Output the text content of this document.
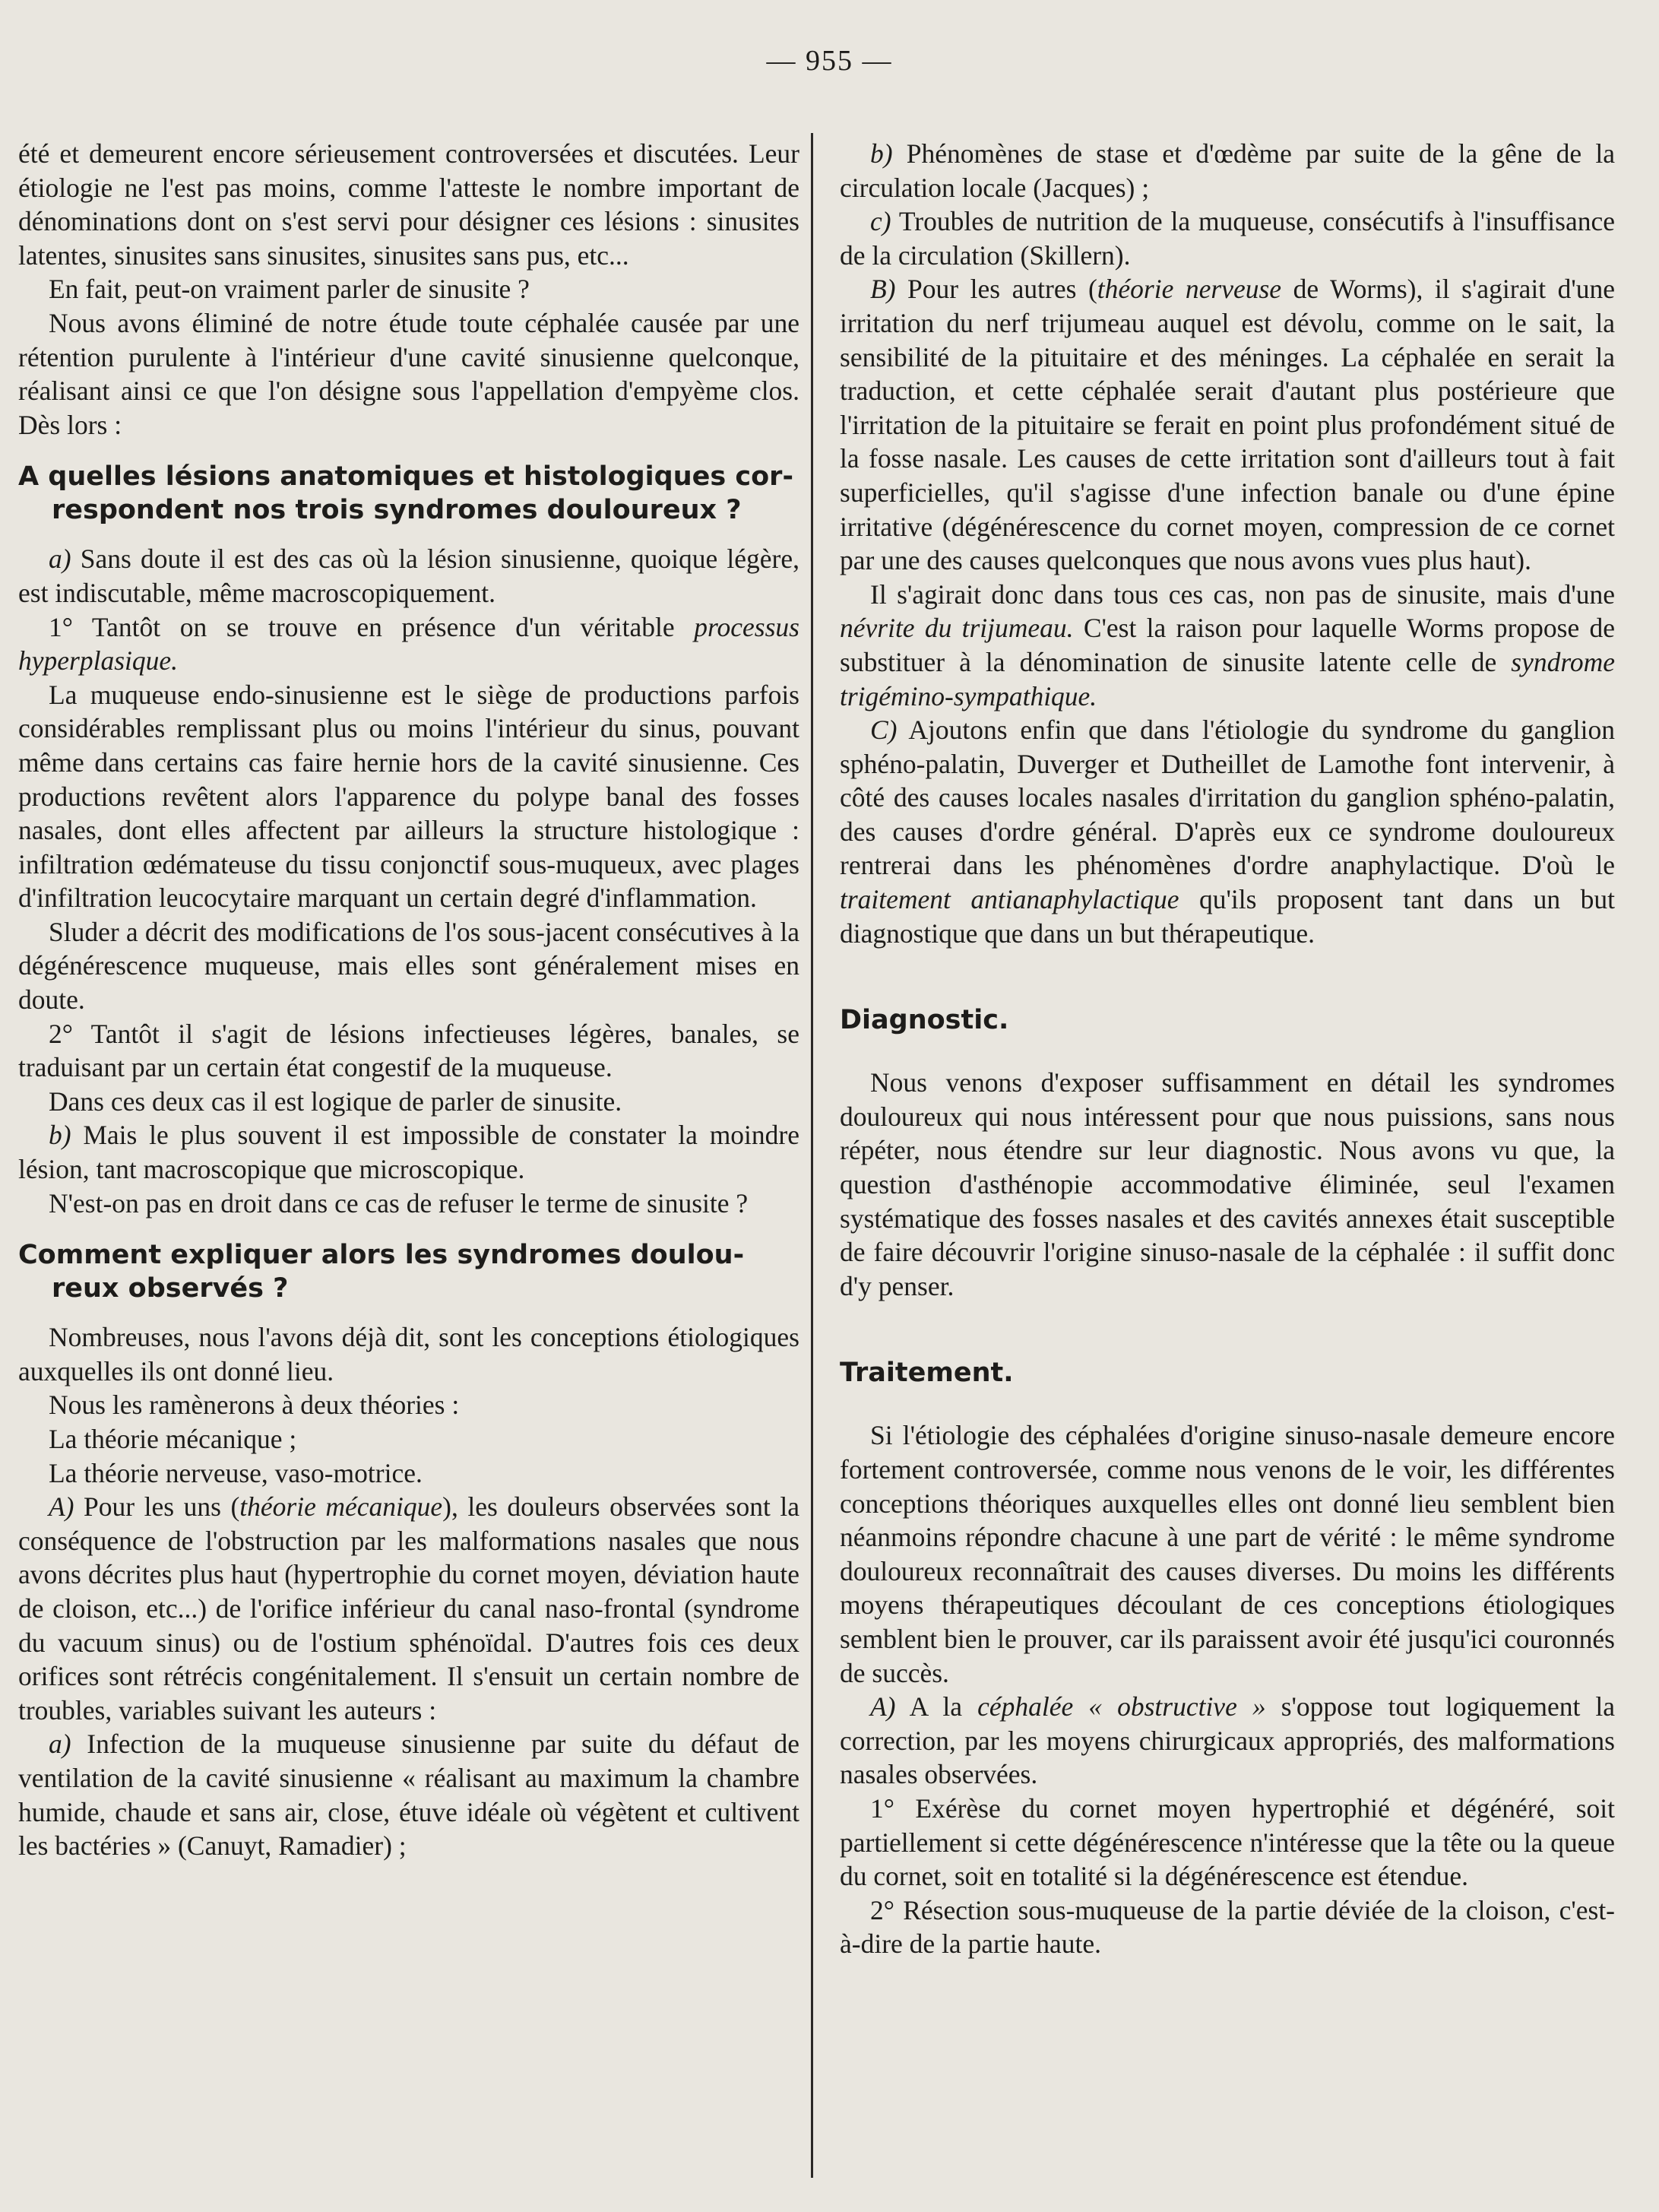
— 955 —

été et demeurent encore sérieusement controversées et discutées. Leur étiologie ne l'est pas moins, comme l'atteste le nombre important de dénominations dont on s'est servi pour désigner ces lésions : sinusites latentes, sinusites sans sinusites, sinusites sans pus, etc...

En fait, peut-on vraiment parler de sinusite ?

Nous avons éliminé de notre étude toute céphalée causée par une rétention purulente à l'intérieur d'une cavité sinusienne quelconque, réalisant ainsi ce que l'on désigne sous l'appellation d'empyème clos. Dès lors :

A quelles lésions anatomiques et histologiques cor-
respondent nos trois syndromes douloureux ?

a) Sans doute il est des cas où la lésion sinusienne, quoique légère, est indiscutable, même macroscopiquement.

1° Tantôt on se trouve en présence d'un véritable processus hyperplasique.

La muqueuse endo-sinusienne est le siège de productions parfois considérables remplissant plus ou moins l'intérieur du sinus, pouvant même dans certains cas faire hernie hors de la cavité sinusienne. Ces productions revêtent alors l'apparence du polype banal des fosses nasales, dont elles affectent par ailleurs la structure histologique : infiltration œdémateuse du tissu conjonctif sous-muqueux, avec plages d'infiltration leucocytaire marquant un certain degré d'inflammation.

Sluder a décrit des modifications de l'os sous-jacent consécutives à la dégénérescence muqueuse, mais elles sont généralement mises en doute.

2° Tantôt il s'agit de lésions infectieuses légères, banales, se traduisant par un certain état congestif de la muqueuse.

Dans ces deux cas il est logique de parler de sinusite.

b) Mais le plus souvent il est impossible de constater la moindre lésion, tant macroscopique que microscopique.

N'est-on pas en droit dans ce cas de refuser le terme de sinusite ?

Comment expliquer alors les syndromes doulou-
reux observés ?

Nombreuses, nous l'avons déjà dit, sont les conceptions étiologiques auxquelles ils ont donné lieu.

Nous les ramènerons à deux théories :

La théorie mécanique ;

La théorie nerveuse, vaso-motrice.

A) Pour les uns (théorie mécanique), les douleurs observées sont la conséquence de l'obstruction par les malformations nasales que nous avons décrites plus haut (hypertrophie du cornet moyen, déviation haute de cloison, etc...) de l'orifice inférieur du canal naso-frontal (syndrome du vacuum sinus) ou de l'ostium sphénoïdal. D'autres fois ces deux orifices sont rétrécis congénitalement. Il s'ensuit un certain nombre de troubles, variables suivant les auteurs :

a) Infection de la muqueuse sinusienne par suite du défaut de ventilation de la cavité sinusienne « réalisant au maximum la chambre humide, chaude et sans air, close, étuve idéale où végètent et cultivent les bactéries » (Canuyt, Ramadier) ;

b) Phénomènes de stase et d'œdème par suite de la gêne de la circulation locale (Jacques) ;

c) Troubles de nutrition de la muqueuse, consécutifs à l'insuffisance de la circulation (Skillern).

B) Pour les autres (théorie nerveuse de Worms), il s'agirait d'une irritation du nerf trijumeau auquel est dévolu, comme on le sait, la sensibilité de la pituitaire et des méninges. La céphalée en serait la traduction, et cette céphalée serait d'autant plus postérieure que l'irritation de la pituitaire se ferait en point plus profondément situé de la fosse nasale. Les causes de cette irritation sont d'ailleurs tout à fait superficielles, qu'il s'agisse d'une infection banale ou d'une épine irritative (dégénérescence du cornet moyen, compression de ce cornet par une des causes quelconques que nous avons vues plus haut).

Il s'agirait donc dans tous ces cas, non pas de sinusite, mais d'une névrite du trijumeau. C'est la raison pour laquelle Worms propose de substituer à la dénomination de sinusite latente celle de syndrome trigémino-sympathique.

C) Ajoutons enfin que dans l'étiologie du syndrome du ganglion sphéno-palatin, Duverger et Dutheillet de Lamothe font intervenir, à côté des causes locales nasales d'irritation du ganglion sphéno-palatin, des causes d'ordre général. D'après eux ce syndrome douloureux rentrerai dans les phénomènes d'ordre anaphylactique. D'où le traitement antianaphylactique qu'ils proposent tant dans un but diagnostique que dans un but thérapeutique.

Diagnostic.

Nous venons d'exposer suffisamment en détail les syndromes douloureux qui nous intéressent pour que nous puissions, sans nous répéter, nous étendre sur leur diagnostic. Nous avons vu que, la question d'asthénopie accommodative éliminée, seul l'examen systématique des fosses nasales et des cavités annexes était susceptible de faire découvrir l'origine sinuso-nasale de la céphalée : il suffit donc d'y penser.

Traitement.

Si l'étiologie des céphalées d'origine sinuso-nasale demeure encore fortement controversée, comme nous venons de le voir, les différentes conceptions théoriques auxquelles elles ont donné lieu semblent bien néanmoins répondre chacune à une part de vérité : le même syndrome douloureux reconnaîtrait des causes diverses. Du moins les différents moyens thérapeutiques découlant de ces conceptions étiologiques semblent bien le prouver, car ils paraissent avoir été jusqu'ici couronnés de succès.

A) A la céphalée « obstructive » s'oppose tout logiquement la correction, par les moyens chirurgicaux appropriés, des malformations nasales observées.

1° Exérèse du cornet moyen hypertrophié et dégénéré, soit partiellement si cette dégénérescence n'intéresse que la tête ou la queue du cornet, soit en totalité si la dégénérescence est étendue.

2° Résection sous-muqueuse de la partie déviée de la cloison, c'est-à-dire de la partie haute.
